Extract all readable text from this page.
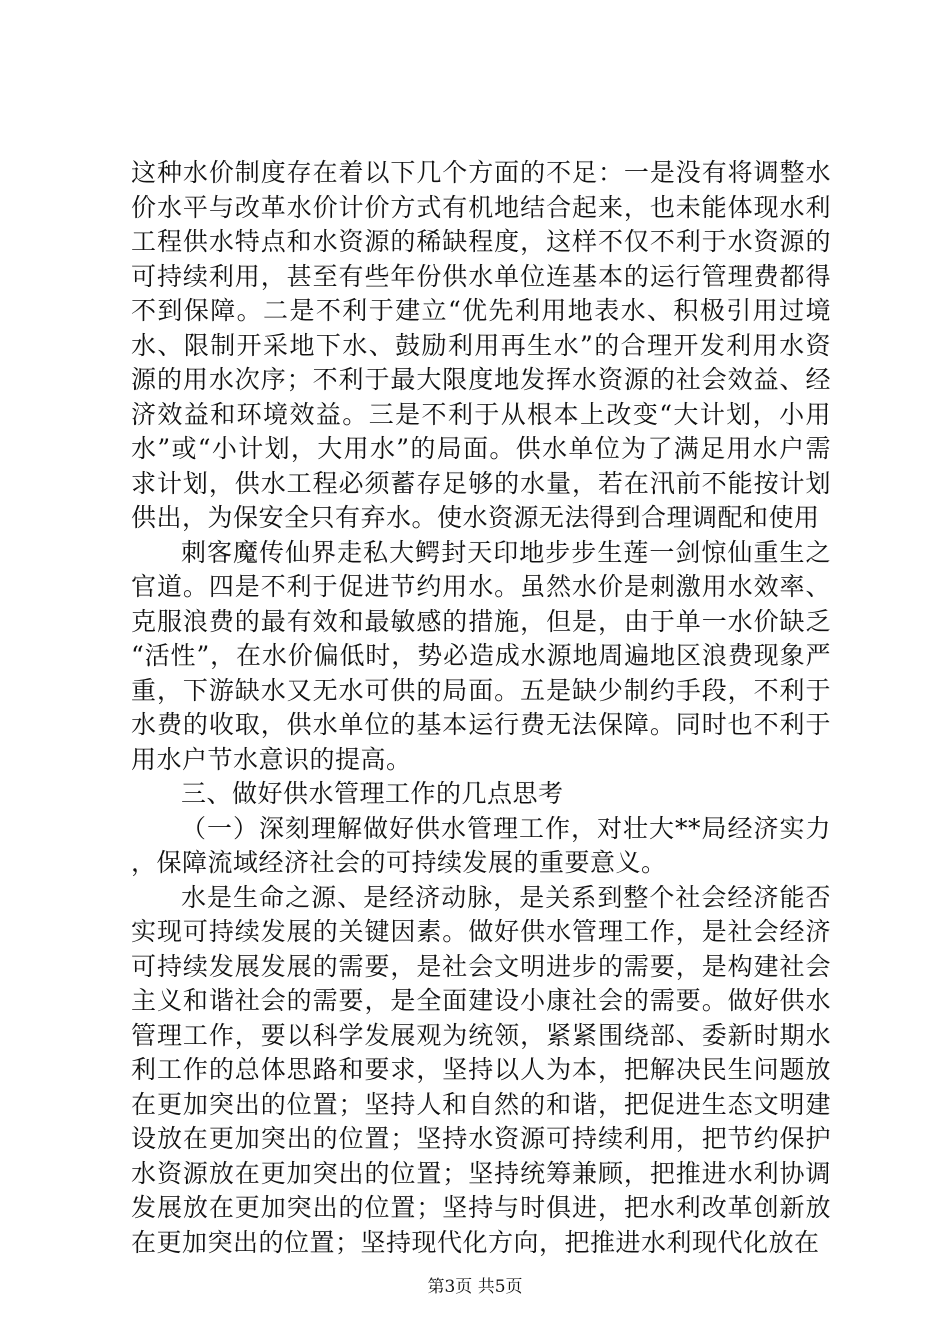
这种水价制度存在着以下几个方面的不足：一是没有将调整水价水平与改革水价计价方式有机地结合起来，也未能体现水利工程供水特点和水资源的稀缺程度，这样不仅不利于水资源的可持续利用，甚至有些年份供水单位连基本的运行管理费都得不到保障。二是不利于建立“优先利用地表水、积极引用过境水、限制开采地下水、鼓励利用再生水”的合理开发利用水资源的用水次序；不利于最大限度地发挥水资源的社会效益、经济效益和环境效益。三是不利于从根本上改变“大计划，小用水”或“小计划，大用水”的局面。供水单位为了满足用水户需求计划，供水工程必须蓄存足够的水量，若在汛前不能按计划供出，为保安全只有弃水。使水资源无法得到合理调配和使用

刺客魔传仙界走私大鳄封天印地步步生莲一剑惊仙重生之官道。四是不利于促进节约用水。虽然水价是刺激用水效率、克服浪费的最有效和最敏感的措施，但是，由于单一水价缺乏“活性”，在水价偏低时，势必造成水源地周遍地区浪费现象严重，下游缺水又无水可供的局面。五是缺少制约手段，不利于水费的收取，供水单位的基本运行费无法保障。同时也不利于用水户节水意识的提高。

三、做好供水管理工作的几点思考

（一）深刻理解做好供水管理工作，对壮大**局经济实力，保障流域经济社会的可持续发展的重要意义。

水是生命之源、是经济动脉，是关系到整个社会经济能否实现可持续发展的关键因素。做好供水管理工作，是社会经济可持续发展发展的需要，是社会文明进步的需要，是构建社会主义和谐社会的需要，是全面建设小康社会的需要。做好供水管理工作，要以科学发展观为统领，紧紧围绕部、委新时期水利工作的总体思路和要求，坚持以人为本，把解决民生问题放在更加突出的位置；坚持人和自然的和谐，把促进生态文明建设放在更加突出的位置；坚持水资源可持续利用，把节约保护水资源放在更加突出的位置；坚持统筹兼顾，把推进水利协调发展放在更加突出的位置；坚持与时俱进，把水利改革创新放在更加突出的位置；坚持现代化方向，把推进水利现代化放在

第3页 共5页
